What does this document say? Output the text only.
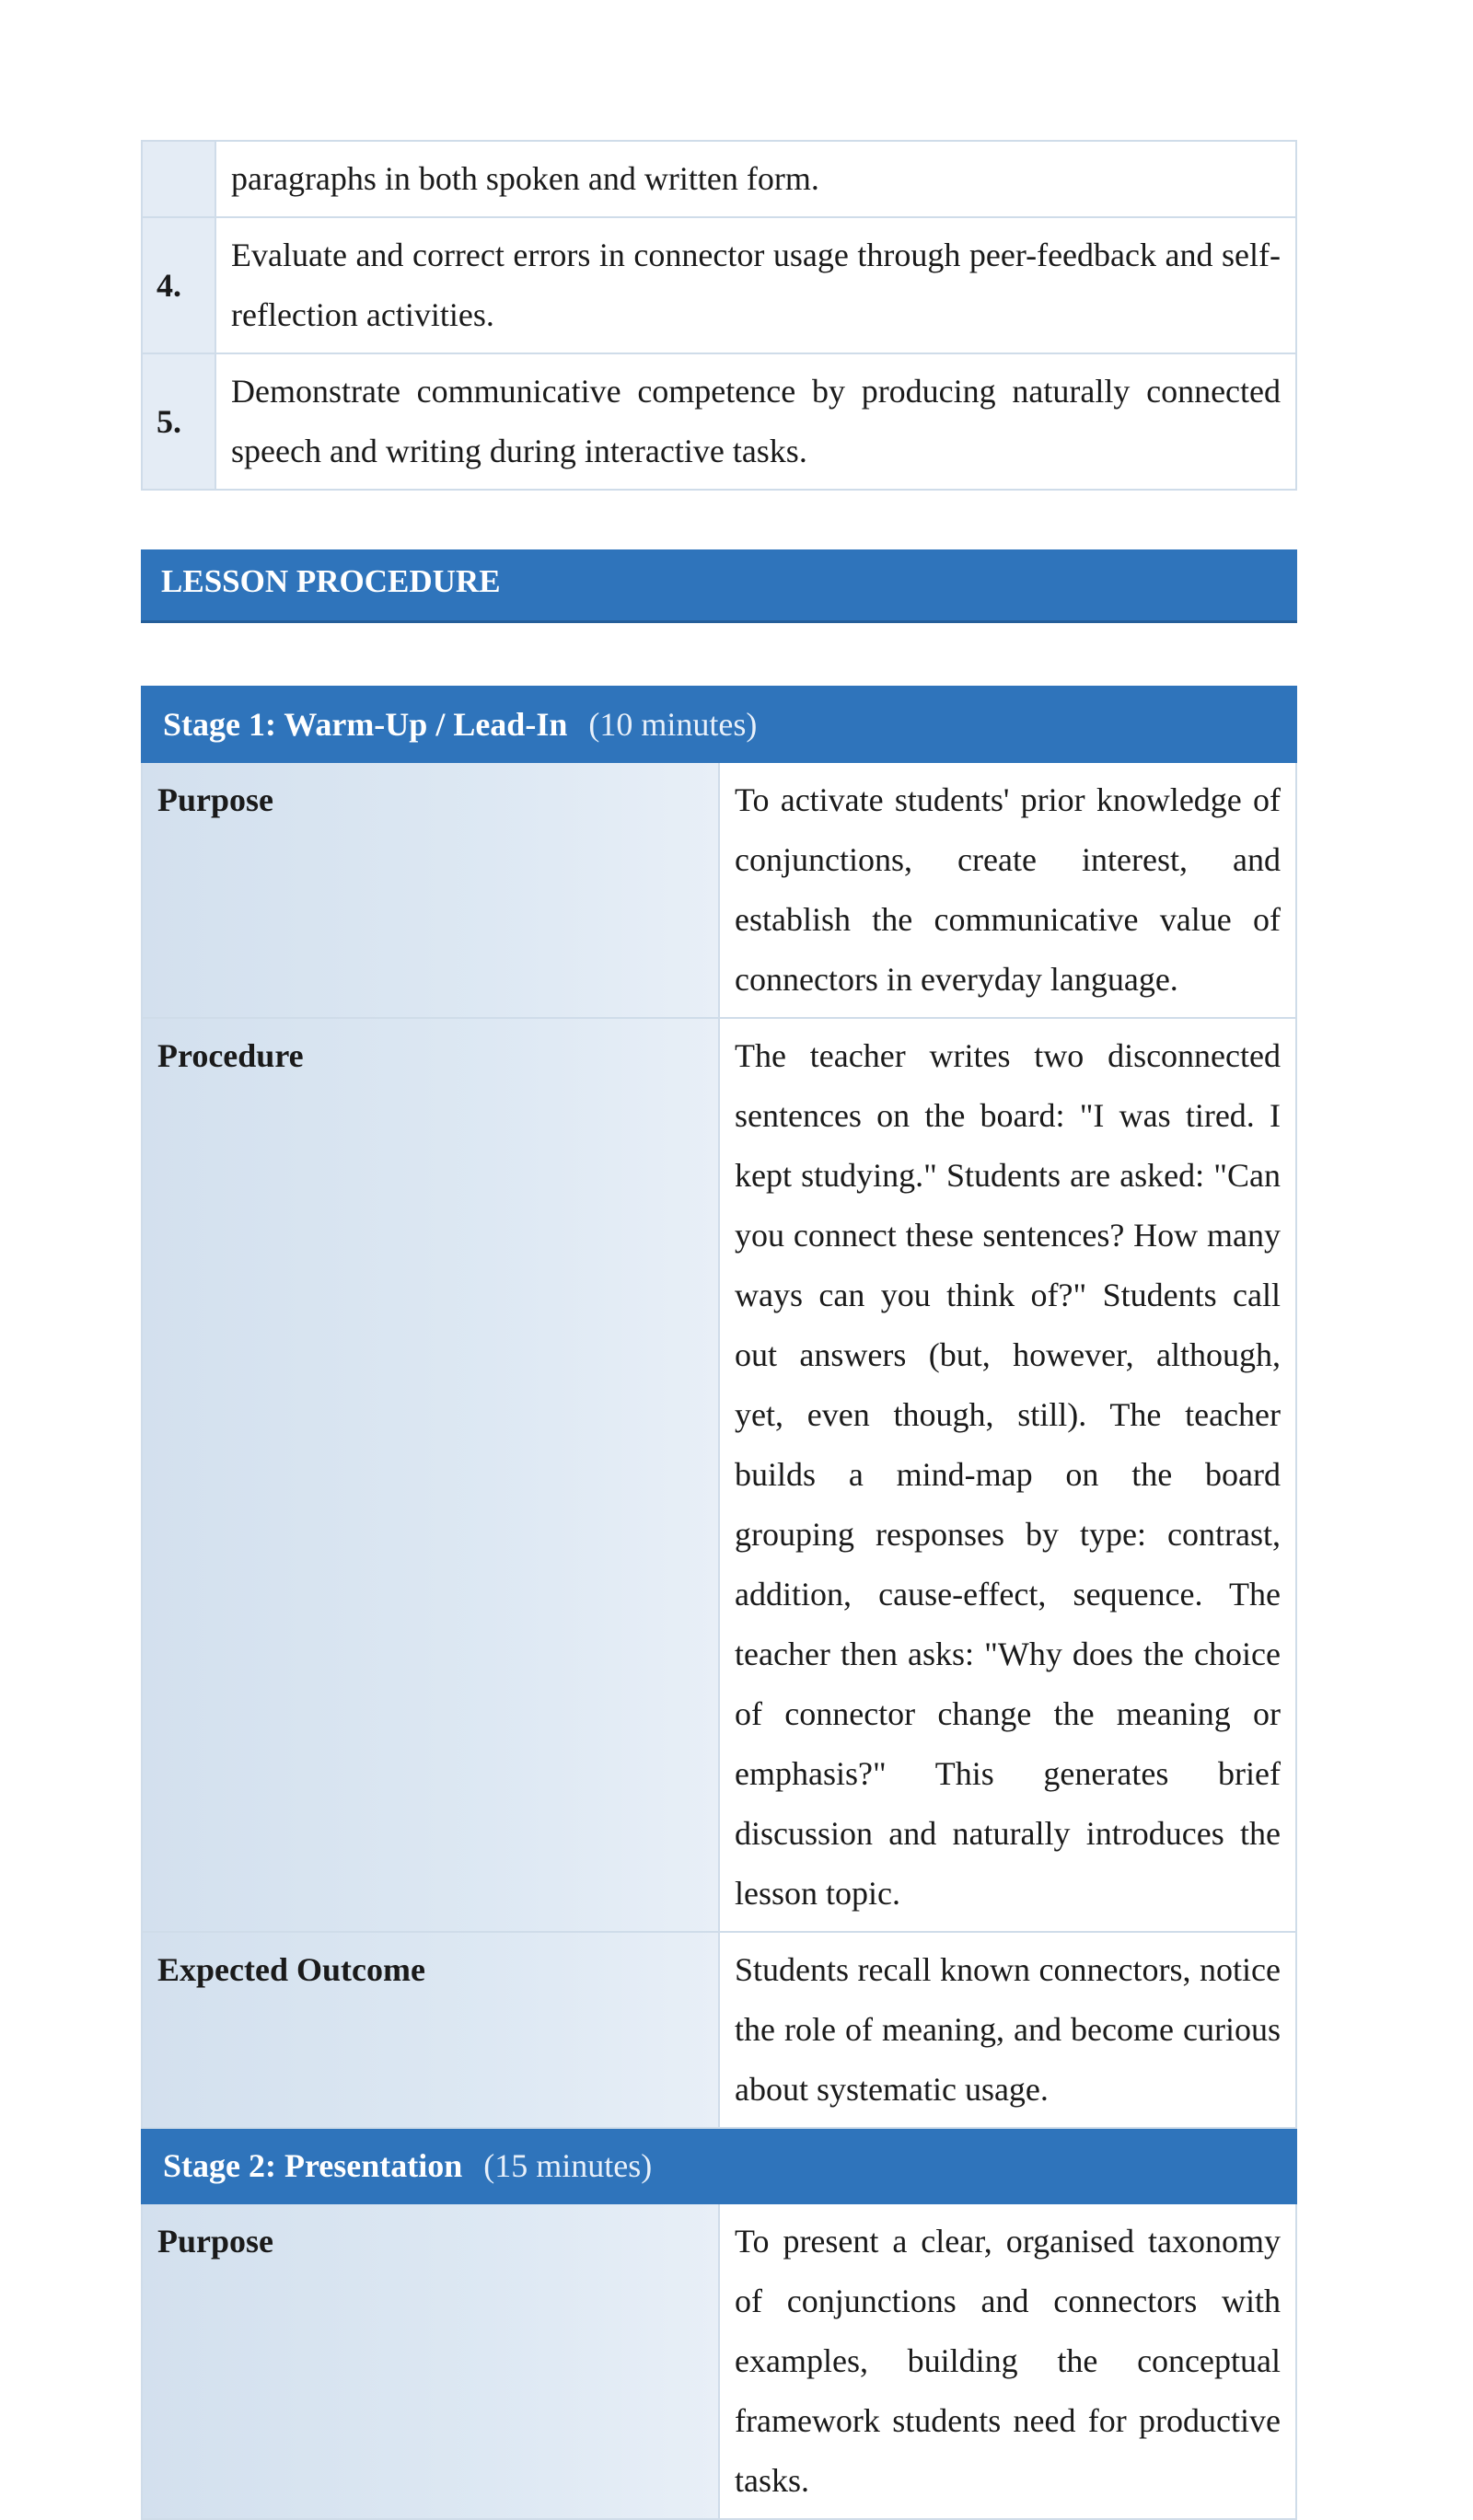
	paragraphs in both spoken and written form.
4.	Evaluate and correct errors in connector usage through peer-feedback and self-reflection activities.
5.	Demonstrate communicative competence by producing naturally connected speech and writing during interactive tasks.
LESSON PROCEDURE
Stage 1: Warm-Up / Lead-In (10 minutes)	
Purpose	To activate students' prior knowledge of conjunctions, create interest, and establish the communicative value of connectors in everyday language.
Procedure	The teacher writes two disconnected sentences on the board: "I was tired. I kept studying." Students are asked: "Can you connect these sentences? How many ways can you think of?" Students call out answers (but, however, although, yet, even though, still). The teacher builds a mind-map on the board grouping responses by type: contrast, addition, cause-effect, sequence. The teacher then asks: "Why does the choice of connector change the meaning or emphasis?" This generates brief discussion and naturally introduces the lesson topic.
Expected Outcome	Students recall known connectors, notice the role of meaning, and become curious about systematic usage.
Stage 2: Presentation (15 minutes)	
Purpose	To present a clear, organised taxonomy of conjunctions and connectors with examples, building the conceptual framework students need for productive tasks.
